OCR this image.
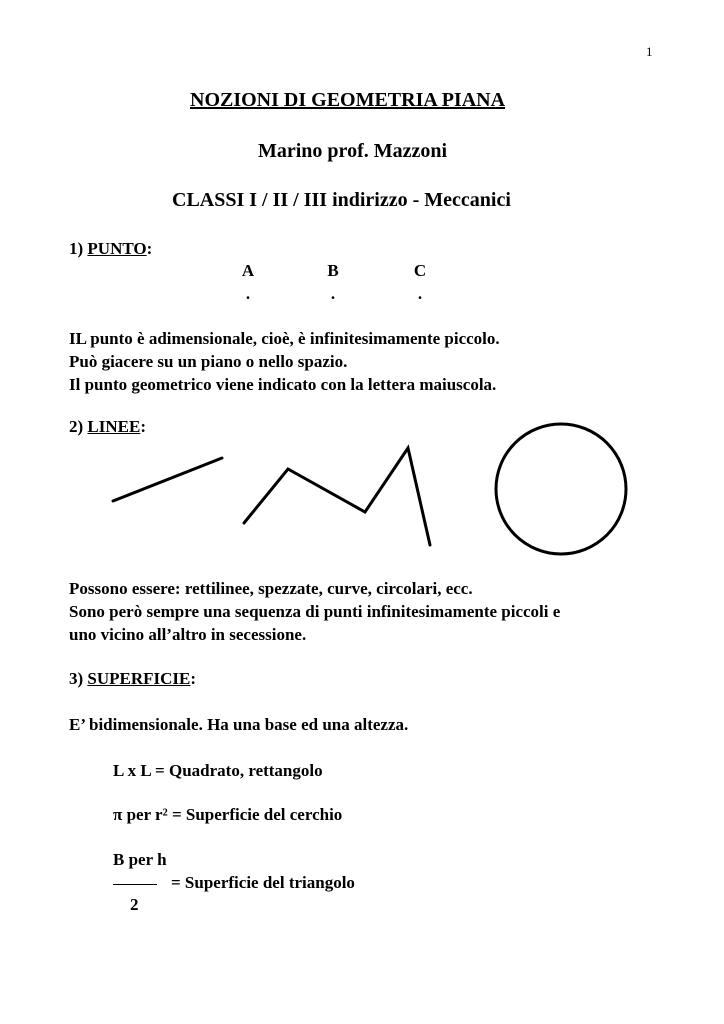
1
NOZIONI DI GEOMETRIA PIANA
Marino prof. Mazzoni
CLASSI I / II / III indirizzo - Meccanici
1) PUNTO:
A	B	C
.	.	.
IL punto è adimensionale, cioè, è infinitesimamente piccolo.
Può giacere su un piano o nello spazio.
Il punto geometrico viene indicato con la lettera maiuscola.
2) LINEE:
Possono essere: rettilinee, spezzate, curve, circolari, ecc.
Sono però sempre una sequenza di punti infinitesimamente piccoli e
uno vicino all’altro in secessione.
3) SUPERFICIE:
E’ bidimensionale. Ha una base ed una altezza.
L x L = Quadrato, rettangolo
π per r² = Superficie del cerchio
B per h
= Superficie del triangolo
2
